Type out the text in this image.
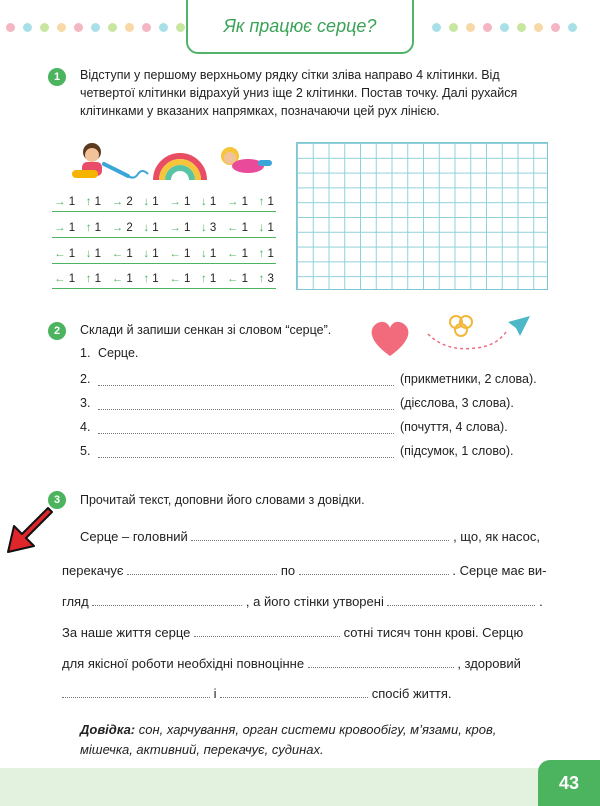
Як працює серце?
1	Відступи у першому верхньому рядку сітки зліва направо 4 клітинки. Від четвертої клітинки відрахуй униз іще 2 клітинки. Постав точку. Далі рухайся клітинками у вказаних напрямках, позначаючи цей рух лінією.
→ 1 ↑ 1 → 2 ↓ 1 → 1 ↓ 1 → 1 ↑ 1
→ 1 ↑ 1 → 2 ↓ 1 → 1 ↓ 3 ← 1 ↓ 1
← 1 ↓ 1 ← 1 ↓ 1 ← 1 ↓ 1 ← 1 ↑ 1
← 1 ↑ 1 ← 1 ↑ 1 ← 1 ↑ 1 ← 1 ↑ 3
2	Склади й запиши сенкан зі словом “серце”.
1. Серце.
2.	(прикметники, 2 слова).
3.	(дієслова, 3 слова).
4.	(почуття, 4 слова).
5.	(підсумок, 1 слово).
3	Прочитай текст, доповни його словами з довідки.
Серце – головний	, що, як насос,
перекачує	по	. Серце має ви-
гляд	, а його стінки утворені	.
За наше життя серце	сотні тисяч тонн крові. Серцю
для якісної роботи необхідні повноцінне	, здоровий
і	спосіб життя.
Довідка: сон, харчування, орган системи кровообігу, м’язами, кров, мішечка, активний, перекачує, судинах.
43
